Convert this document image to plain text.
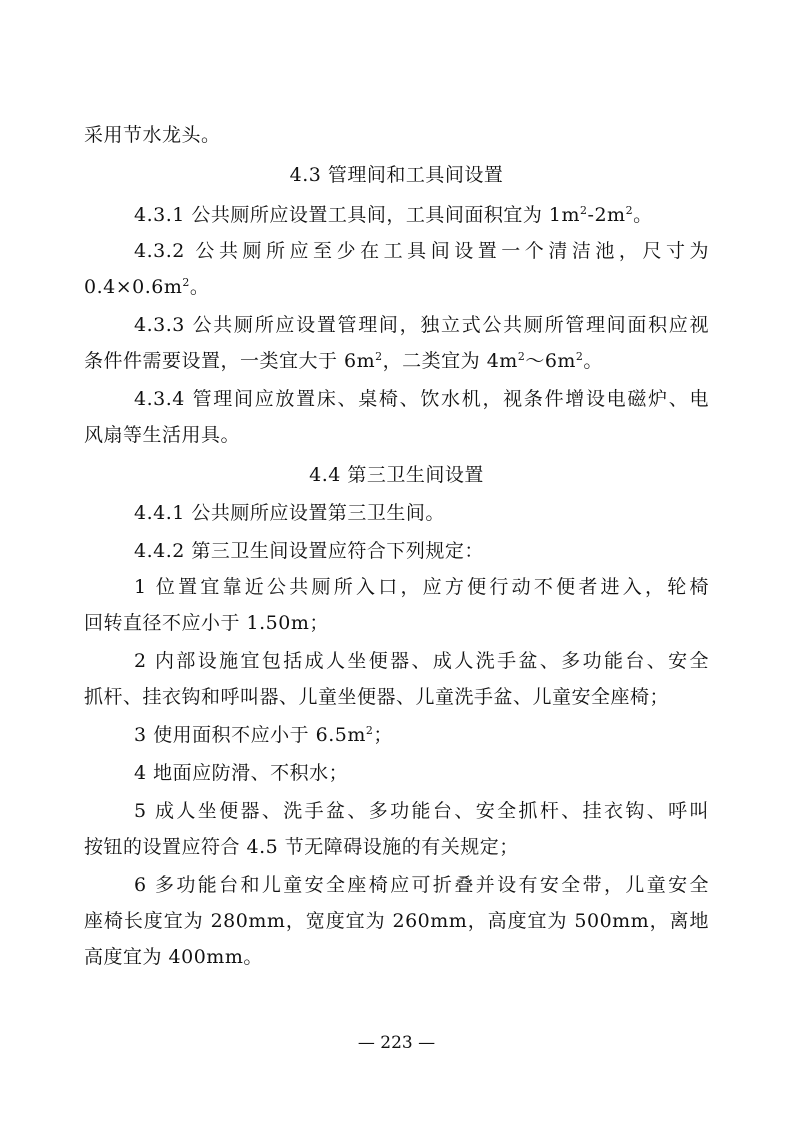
采用节水龙头。
4.3 管理间和工具间设置
4.3.1 公共厕所应设置工具间，工具间面积宜为 $1m^2-2m^2$。
4.3.2 公共厕所应至少在工具间设置一个清洁池，尺寸为
$0.4\times 0.6m^2$。
4.3.3 公共厕所应设置管理间，独立式公共厕所管理间面积应视
条件件需要设置，一类宜大于 $6m^2$，二类宜为 $4m^2\sim 6m^2$。
4.3.4 管理间应放置床、桌椅、饮水机，视条件增设电磁炉、电
风扇等生活用具。
4.4 第三卫生间设置
4.4.1 公共厕所应设置第三卫生间。
4.4.2 第三卫生间设置应符合下列规定：
1 位置宜靠近公共厕所入口，应方便行动不便者进入，轮椅
回转直径不应小于 1.50m；
2 内部设施宜包括成人坐便器、成人洗手盆、多功能台、安全
抓杆、挂衣钩和呼叫器、儿童坐便器、儿童洗手盆、儿童安全座椅；
3 使用面积不应小于 $6.5m^2$；
4 地面应防滑、不积水；
5 成人坐便器、洗手盆、多功能台、安全抓杆、挂衣钩、呼叫
按钮的设置应符合 4.5 节无障碍设施的有关规定；
6 多功能台和儿童安全座椅应可折叠并设有安全带，儿童安全
座椅长度宜为 280mm，宽度宜为 260mm，高度宜为 500mm，离地
高度宜为 400mm。
— 223 —
